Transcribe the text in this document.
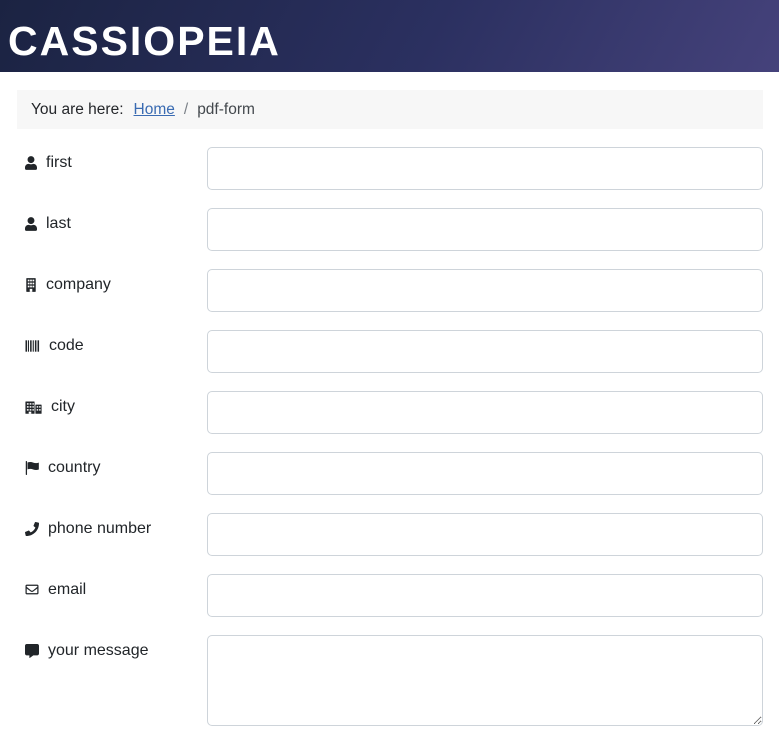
CASSIOPEIA
You are here: Home / pdf-form
first
last
company
code
city
country
phone number
email
your message
